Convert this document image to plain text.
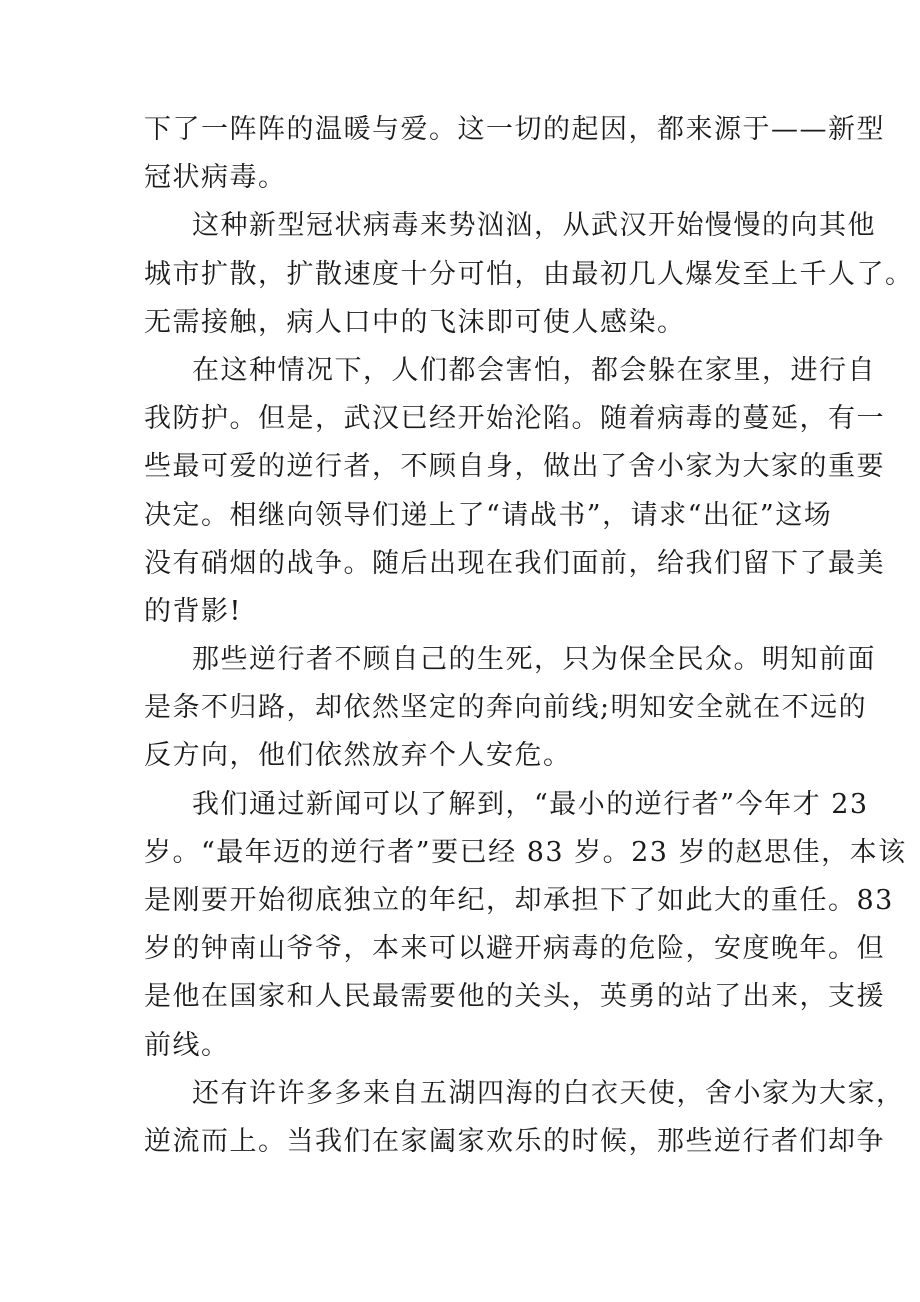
下了一阵阵的温暖与爱。这一切的起因，都来源于——新型
冠状病毒。
这种新型冠状病毒来势汹汹，从武汉开始慢慢的向其他
城市扩散，扩散速度十分可怕，由最初几人爆发至上千人了。
无需接触，病人口中的飞沫即可使人感染。
在这种情况下，人们都会害怕，都会躲在家里，进行自
我防护。但是，武汉已经开始沦陷。随着病毒的蔓延，有一
些最可爱的逆行者，不顾自身，做出了舍小家为大家的重要
决定。相继向领导们递上了“请战书”，请求“出征”这场
没有硝烟的战争。随后出现在我们面前，给我们留下了最美
的背影!
那些逆行者不顾自己的生死，只为保全民众。明知前面
是条不归路，却依然坚定的奔向前线;明知安全就在不远的
反方向，他们依然放弃个人安危。
我们通过新闻可以了解到，“最小的逆行者”今年才 23
岁。“最年迈的逆行者”要已经 83 岁。23 岁的赵思佳，本该
是刚要开始彻底独立的年纪，却承担下了如此大的重任。83
岁的钟南山爷爷，本来可以避开病毒的危险，安度晚年。但
是他在国家和人民最需要他的关头，英勇的站了出来，支援
前线。
还有许许多多来自五湖四海的白衣天使，舍小家为大家，
逆流而上。当我们在家阖家欢乐的时候，那些逆行者们却争
